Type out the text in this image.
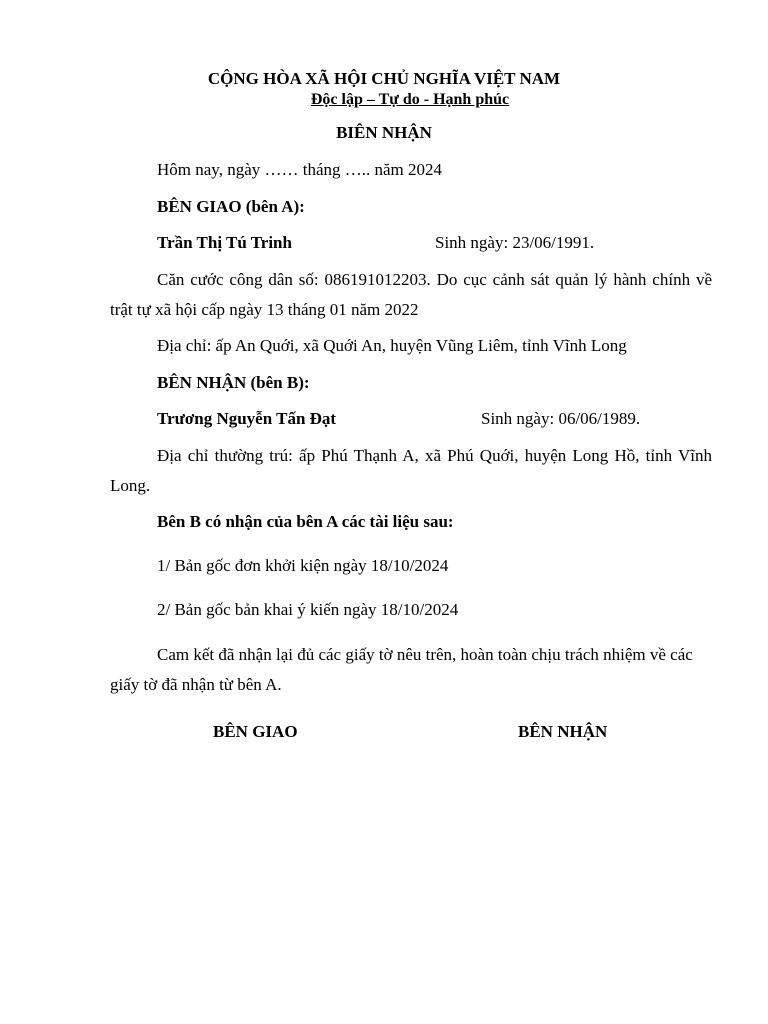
CỘNG HÒA XÃ HỘI CHỦ NGHĨA VIỆT NAM
Độc lập – Tự do - Hạnh phúc
BIÊN NHẬN
Hôm nay, ngày …… tháng ….. năm 2024
BÊN GIAO (bên A):
Trần Thị Tú Trinh	Sinh ngày: 23/06/1991.
Căn cước công dân số: 086191012203. Do cục cảnh sát quản lý hành chính về trật tự xã hội cấp ngày 13 tháng 01 năm 2022
Địa chỉ: ấp An Quới, xã Quới An, huyện Vũng Liêm, tỉnh Vĩnh Long
BÊN NHẬN (bên B):
Trương Nguyễn Tấn Đạt	Sinh ngày: 06/06/1989.
Địa chỉ thường trú: ấp Phú Thạnh A, xã Phú Quới, huyện Long Hồ, tỉnh Vĩnh Long.
Bên B có nhận của bên A các tài liệu sau:
1/ Bản gốc đơn khởi kiện ngày 18/10/2024
2/ Bản gốc bản khai ý kiến ngày 18/10/2024
Cam kết đã nhận lại đủ các giấy tờ nêu trên, hoàn toàn chịu trách nhiệm về các giấy tờ đã nhận từ bên A.
BÊN GIAO	BÊN NHẬN
